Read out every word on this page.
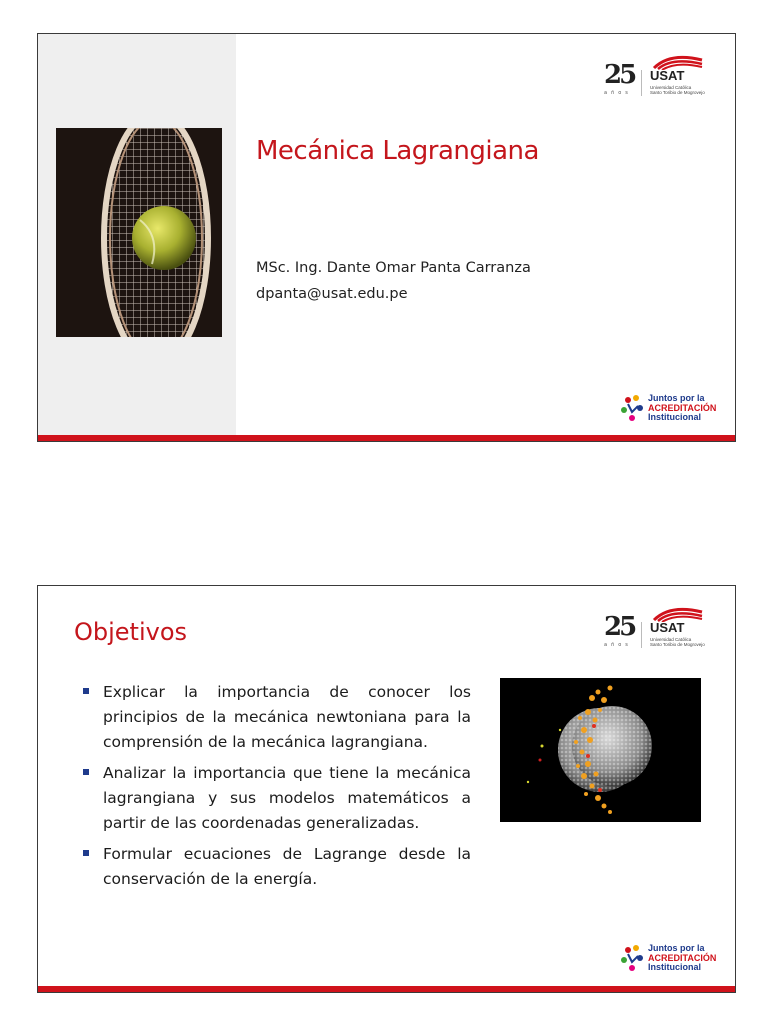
25
años
USAT
Universidad Católica
Santo Toribio de Mogrovejo
Mecánica Lagrangiana
MSc. Ing. Dante Omar Panta Carranza
dpanta@usat.edu.pe
Juntos por la
ACREDITACIÓN
Institucional
Objetivos	25
años
USAT
Universidad Católica
Santo Toribio de Mogrovejo
Explicar la importancia de conocer los principios de la mecánica newtoniana para la comprensión de la mecánica lagrangiana.
Analizar la importancia que tiene la mecánica lagrangiana y sus modelos matemáticos a partir de las coordenadas generalizadas.
Formular ecuaciones de Lagrange desde la conservación de la energía.
Juntos por la
ACREDITACIÓN
Institucional
